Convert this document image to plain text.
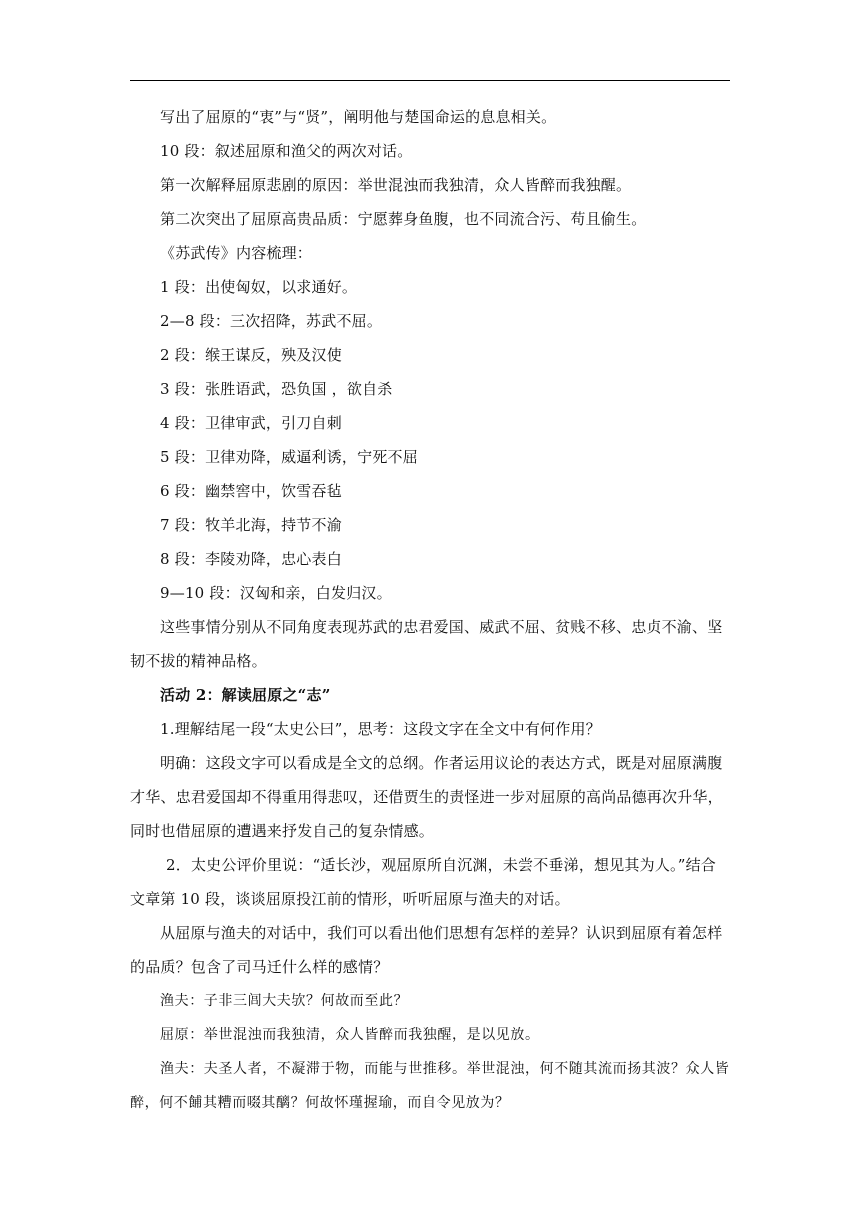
写出了屈原的“衷”与“贤”，阐明他与楚国命运的息息相关。

10 段：叙述屈原和渔父的两次对话。

第一次解释屈原悲剧的原因：举世混浊而我独清，众人皆醉而我独醒。

第二次突出了屈原高贵品质：宁愿葬身鱼腹，也不同流合污、苟且偷生。

《苏武传》内容梳理：

1 段：出使匈奴，以求通好。

2—8 段：三次招降，苏武不屈。

2 段：缑王谋反，殃及汉使

3 段：张胜语武，恐负国 ，欲自杀

4 段：卫律审武，引刀自刺

5 段：卫律劝降，威逼利诱，宁死不屈

6 段：幽禁窖中，饮雪吞毡

7 段：牧羊北海，持节不渝

8 段：李陵劝降，忠心表白

9—10 段：汉匈和亲，白发归汉。

这些事情分别从不同角度表现苏武的忠君爱国、威武不屈、贫贱不移、忠贞不渝、坚韧不拔的精神品格。

活动 2：解读屈原之“志”

1.理解结尾一段“太史公曰”，思考：这段文字在全文中有何作用？

明确：这段文字可以看成是全文的总纲。作者运用议论的表达方式，既是对屈原满腹才华、忠君爱国却不得重用得悲叹，还借贾生的责怪进一步对屈原的高尚品德再次升华，同时也借屈原的遭遇来抒发自己的复杂情感。

2．太史公评价里说：“适长沙，观屈原所自沉渊，未尝不垂涕，想见其为人。”结合文章第 10 段，谈谈屈原投江前的情形，听听屈原与渔夫的对话。

从屈原与渔夫的对话中，我们可以看出他们思想有怎样的差异？认识到屈原有着怎样的品质？包含了司马迁什么样的感情？

渔夫：子非三闾大夫欤？何故而至此？

屈原：举世混浊而我独清，众人皆醉而我独醒，是以见放。

渔夫：夫圣人者，不凝滞于物，而能与世推移。举世混浊，何不随其流而扬其波？众人皆醉，何不餔其糟而啜其醨？何故怀瑾握瑜，而自令见放为？
